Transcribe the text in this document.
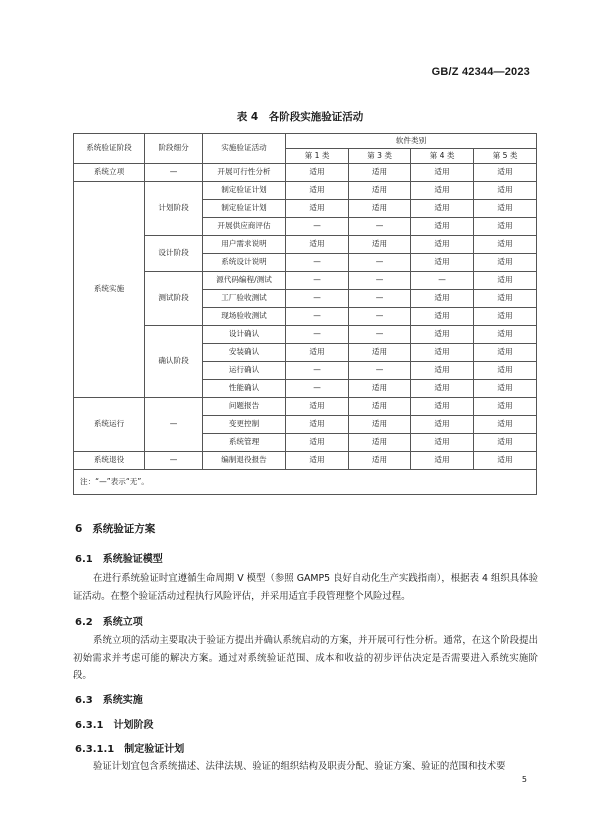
GB/Z 42344—2023
表 4　各阶段实施验证活动
系统验证阶段	阶段细分	实施验证活动	软件类别			
			第 1 类	第 3 类	第 4 类	第 5 类
系统立项	—	开展可行性分析	适用	适用	适用	适用
系统实施	计划阶段	制定验证计划	适用	适用	适用	适用
		制定验证计划	适用	适用	适用	适用
		开展供应商评估	—	—	适用	适用
	设计阶段	用户需求说明	适用	适用	适用	适用
		系统设计说明	—	—	适用	适用
	测试阶段	源代码编程/测试	—	—	—	适用
		工厂验收测试	—	—	适用	适用
		现场验收测试	—	—	适用	适用
	确认阶段	设计确认	—	—	适用	适用
		安装确认	适用	适用	适用	适用
		运行确认	—	—	适用	适用
		性能确认	—	适用	适用	适用
系统运行	—	问题报告	适用	适用	适用	适用
		变更控制	适用	适用	适用	适用
		系统管理	适用	适用	适用	适用
系统退役	—	编制退役报告	适用	适用	适用	适用
注：“—”表示“无”。						
6 系统验证方案
6.1 系统验证模型
在进行系统验证时宜遵循生命周期 V 模型（参照 GAMP5 良好自动化生产实践指南），根据表 4 组织具体验证活动。在整个验证活动过程执行风险评估，并采用适宜手段管理整个风险过程。
6.2 系统立项
系统立项的活动主要取决于验证方提出并确认系统启动的方案，并开展可行性分析。通常，在这个阶段提出初始需求并考虑可能的解决方案。通过对系统验证范围、成本和收益的初步评估决定是否需要进入系统实施阶段。
6.3 系统实施
6.3.1 计划阶段
6.3.1.1 制定验证计划
验证计划宜包含系统描述、法律法规、验证的组织结构及职责分配、验证方案、验证的范围和技术要
5
